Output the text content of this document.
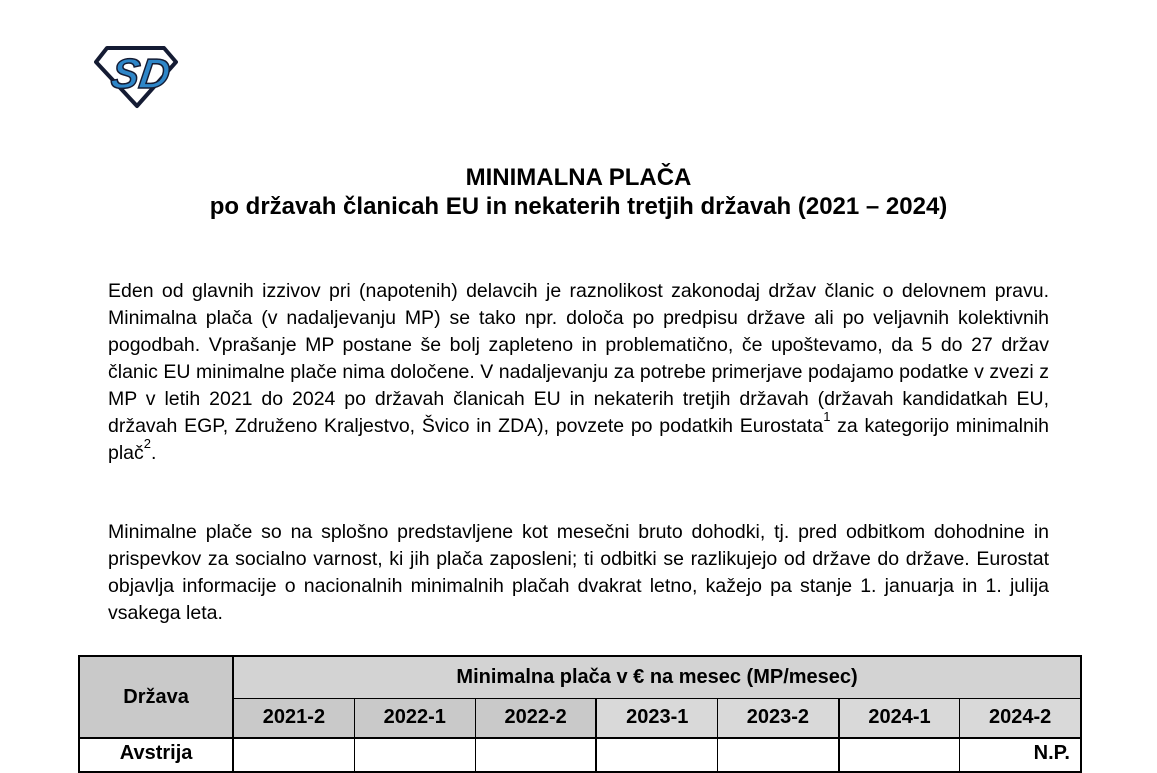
SD
MINIMALNA PLAČA
po državah članicah EU in nekaterih tretjih državah (2021 – 2024)

Eden od glavnih izzivov pri (napotenih) delavcih je raznolikost zakonodaj držav članic o delovnem pravu. Minimalna plača (v nadaljevanju MP) se tako npr. določa po predpisu države ali po veljavnih kolektivnih pogodbah. Vprašanje MP postane še bolj zapleteno in problematično, če upoštevamo, da 5 do 27 držav članic EU minimalne plače nima določene. V nadaljevanju za potrebe primerjave podajamo podatke v zvezi z MP v letih 2021 do 2024 po državah članicah EU in nekaterih tretjih državah (državah kandidatkah EU, državah EGP, Združeno Kraljestvo, Švico in ZDA), povzete po podatkih Eurostata$^1$ za kategorijo minimalnih plač$^2$.

Minimalne plače so na splošno predstavljene kot mesečni bruto dohodki, tj. pred odbitkom dohodnine in prispevkov za socialno varnost, ki jih plača zaposleni; ti odbitki se razlikujejo od države do države. Eurostat objavlja informacije o nacionalnih minimalnih plačah dvakrat letno, kažejo pa stanje 1. januarja in 1. julija vsakega leta.

Država	Minimalna plača v € na mesec (MP/mesec)						
	2021-2	2022-1	2022-2	2023-1	2023-2	2024-1	2024-2
Avstrija							N.P.
